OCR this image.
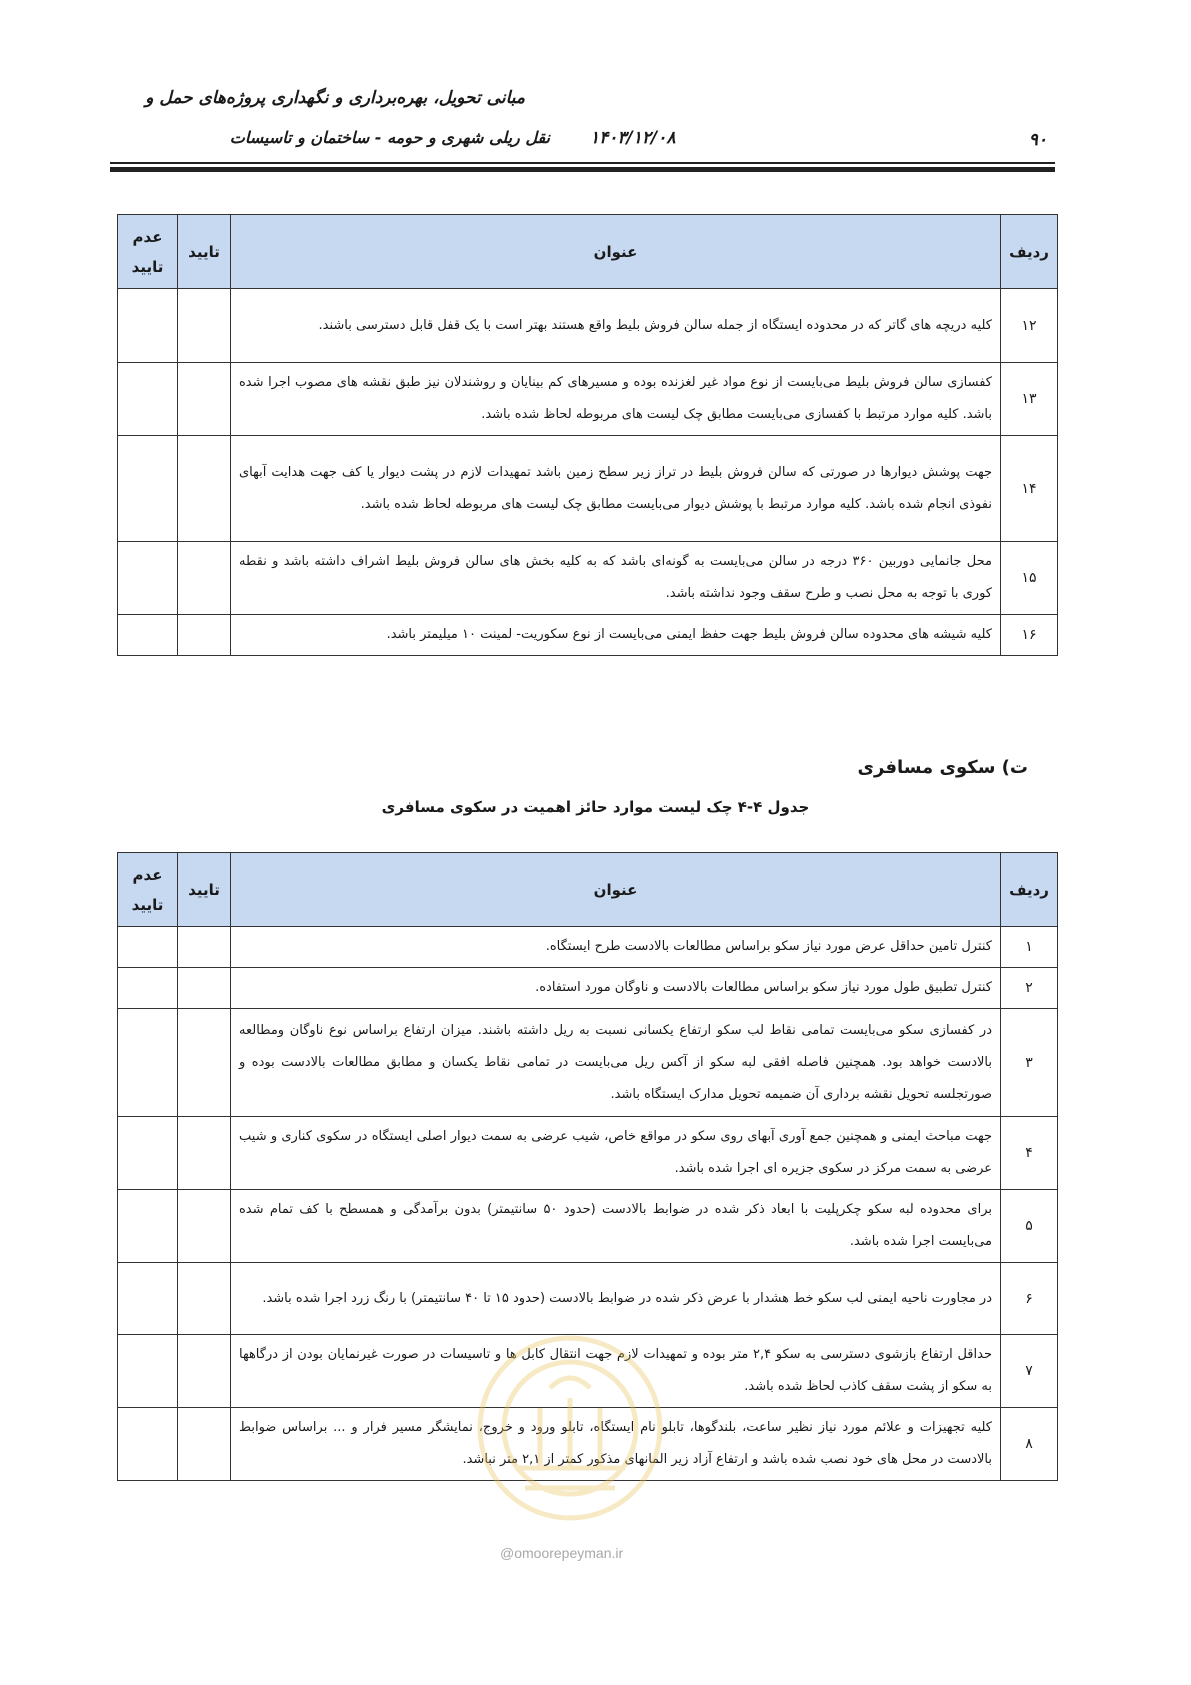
مبانی تحویل، بهره‌برداری و نگهداری پروژه‌های حمل و
نقل ریلی شهری و حومه - ساختمان و تاسیسات ۱۴۰۳/۱۲/۰۸	۹۰
ردیف	عنوان	تایید	عدم
تایید
۱۲	کلیه دریچه های گاتر که در محدوده ایستگاه از جمله سالن فروش بلیط واقع هستند بهتر است با یک قفل قابل دسترسی باشند.		
۱۳	کفسازی سالن فروش بلیط می‌بایست از نوع مواد غیر لغزنده بوده و مسیرهای کم بینایان و روشندلان نیز طبق نقشه های مصوب اجرا شده باشد. کلیه موارد مرتبط با کفسازی می‌بایست مطابق چک لیست های مربوطه لحاظ شده باشد.		
۱۴	جهت پوشش دیوارها در صورتی که سالن فروش بلیط در تراز زیر سطح زمین باشد تمهیدات لازم در پشت دیوار یا کف جهت هدایت آبهای نفوذی انجام شده باشد. کلیه موارد مرتبط با پوشش دیوار می‌بایست مطابق چک لیست های مربوطه لحاظ شده باشد.		
۱۵	محل جانمایی دوربین ۳۶۰ درجه در سالن می‌بایست به گونه‌ای باشد که به کلیه بخش های سالن فروش بلیط اشراف داشته باشد و نقطه کوری با توجه به محل نصب و طرح سقف وجود نداشته باشد.		
۱۶	کلیه شیشه های محدوده سالن فروش بلیط جهت حفظ ایمنی می‌بایست از نوع سکوریت- لمینت ۱۰ میلیمتر باشد.		
ت) سکوی مسافری
جدول ۴-۴ چک لیست موارد حائز اهمیت در سکوی مسافری
ردیف	عنوان	تایید	عدم
تایید
۱	کنترل تامین حداقل عرض مورد نیاز سکو براساس مطالعات بالادست طرح ایستگاه.		
۲	کنترل تطبیق طول مورد نیاز سکو براساس مطالعات بالادست و ناوگان مورد استفاده.		
۳	در کفسازی سکو می‌بایست تمامی نقاط لب سکو ارتفاع یکسانی نسبت به ریل داشته باشند. میزان ارتفاع براساس نوع ناوگان ومطالعه بالادست خواهد بود. همچنین فاصله افقی لبه سکو از آکس ریل می‌بایست در تمامی نقاط یکسان و مطابق مطالعات بالادست بوده و صورتجلسه تحویل نقشه برداری آن ضمیمه تحویل مدارک ایستگاه باشد.		
۴	جهت مباحث ایمنی و همچنین جمع آوری آبهای روی سکو در مواقع خاص، شیب عرضی به سمت دیوار اصلی ایستگاه در سکوی کناری و شیب عرضی به سمت مرکز در سکوی جزیره ای اجرا شده باشد.		
۵	برای محدوده لبه سکو چکرپلیت با ابعاد ذکر شده در ضوابط بالادست (حدود ۵۰ سانتیمتر) بدون برآمدگی و همسطح با کف تمام شده می‌بایست اجرا شده باشد.		
۶	در مجاورت ناحیه ایمنی لب سکو خط هشدار با عرض ذکر شده در ضوابط بالادست (حدود ۱۵ تا ۴۰ سانتیمتر) با رنگ زرد اجرا شده باشد.		
۷	حداقل ارتفاع بازشوی دسترسی به سکو ۲,۴ متر بوده و تمهیدات لازم جهت انتقال کابل ها و تاسیسات در صورت غیرنمایان بودن از درگاهها به سکو از پشت سقف کاذب لحاظ شده باشد.		
۸	کلیه تجهیزات و علائم مورد نیاز نظیر ساعت، بلندگوها، تابلو نام ایستگاه، تابلو ورود و خروج، نمایشگر مسیر فرار و ... براساس ضوابط بالادست در محل های خود نصب شده باشد و ارتفاع آزاد زیر المانهای مذکور کمتر از ۲,۱ متر نباشد.		
@omoorepeyman.ir
